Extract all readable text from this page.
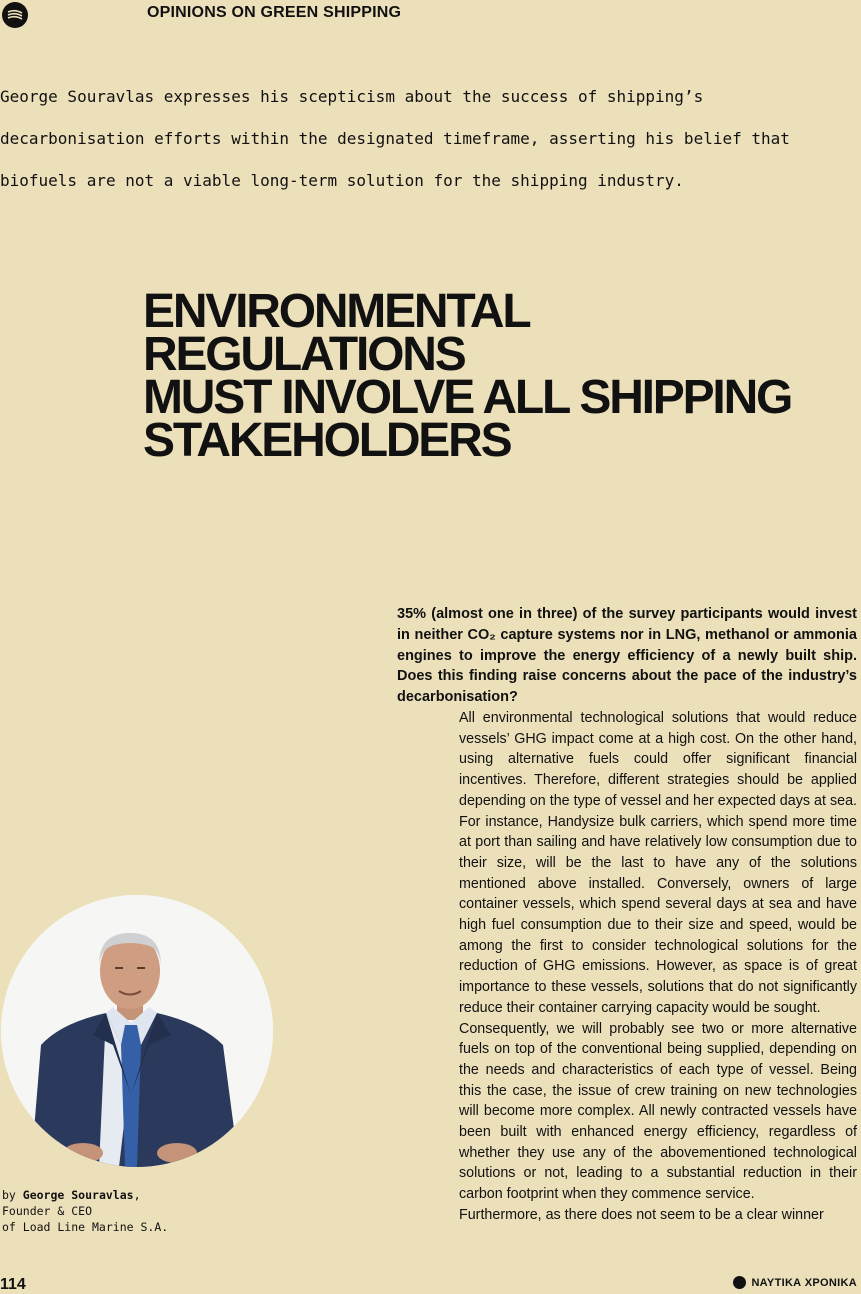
OPINIONS ON GREEN SHIPPING

George Souravlas expresses his scepticism about the success of shipping’s

decarbonisation efforts within the designated timeframe, asserting his belief that

biofuels are not a viable long-term solution for the shipping industry.

ENVIRONMENTAL
REGULATIONS
MUST INVOLVE ALL SHIPPING
STAKEHOLDERS
35% (almost one in three) of the survey participants would invest in neither CO₂ capture systems nor in LNG, methanol or ammonia engines to improve the energy efficiency of a newly built ship. Does this finding raise concerns about the pace of the industry’s decarbonisation?

All environmental technological solutions that would reduce vessels’ GHG impact come at a high cost. On the other hand, using alternative fuels could offer significant financial incentives. Therefore, different strategies should be applied depending on the type of vessel and her expected days at sea. For instance, Handysize bulk carriers, which spend more time at port than sailing and have relatively low consumption due to their size, will be the last to have any of the solutions mentioned above installed. Conversely, owners of large container vessels, which spend several days at sea and have high fuel consumption due to their size and speed, would be among the first to consider technological solutions for the reduction of GHG emissions. However, as space is of great importance to these vessels, solutions that do not significantly reduce their container carrying capacity would be sought.

Consequently, we will probably see two or more alternative fuels on top of the conventional being supplied, depending on the needs and characteristics of each type of vessel. Being this the case, the issue of crew training on new technologies will become more complex. All newly contracted vessels have been built with enhanced energy efficiency, regardless of whether they use any of the abovementioned technological solutions or not, leading to a substantial reduction in their carbon footprint when they commence service.

Furthermore, as there does not seem to be a clear winner

by George Souravlas,
Founder & CEO
of Load Line Marine S.A.
114	ΝΑΥΤΙΚΑ ΧΡΟΝΙΚΑ
